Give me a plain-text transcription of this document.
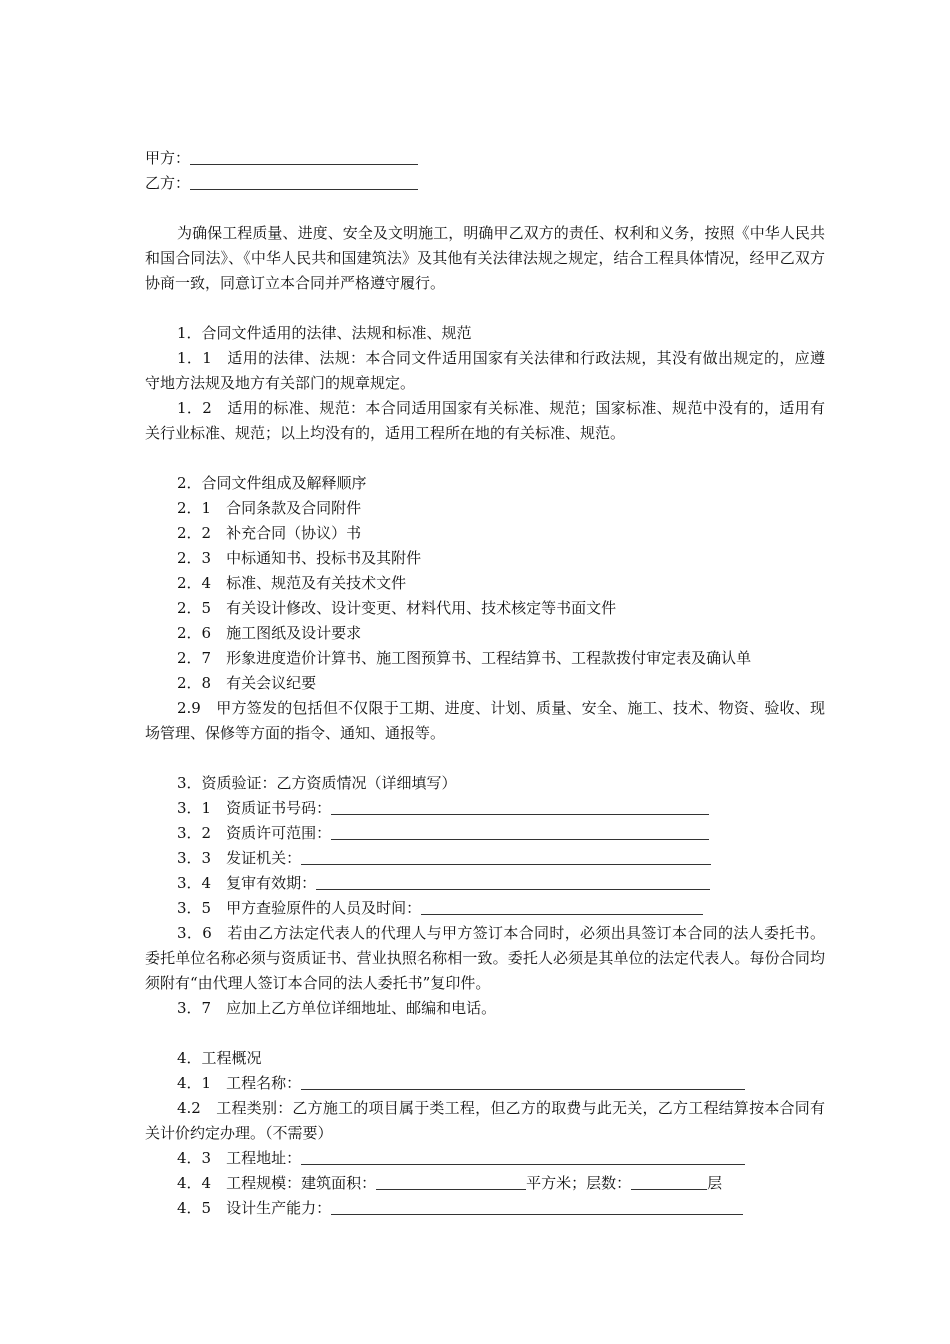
甲方：
乙方：
为确保工程质量、进度、安全及文明施工，明确甲乙双方的责任、权利和义务，按照《中华人民共和国合同法》、《中华人民共和国建筑法》及其他有关法律法规之规定，结合工程具体情况，经甲乙双方协商一致，同意订立本合同并严格遵守履行。
1．合同文件适用的法律、法规和标准、规范
1．1　适用的法律、法规：本合同文件适用国家有关法律和行政法规，其没有做出规定的，应遵守地方法规及地方有关部门的规章规定。
1．2　适用的标准、规范：本合同适用国家有关标准、规范；国家标准、规范中没有的，适用有关行业标准、规范；以上均没有的，适用工程所在地的有关标准、规范。
2．合同文件组成及解释顺序
2．1　合同条款及合同附件
2．2　补充合同（协议）书
2．3　中标通知书、投标书及其附件
2．4　标准、规范及有关技术文件
2．5　有关设计修改、设计变更、材料代用、技术核定等书面文件
2．6　施工图纸及设计要求
2．7　形象进度造价计算书、施工图预算书、工程结算书、工程款拨付审定表及确认单
2．8　有关会议纪要
2.9　甲方签发的包括但不仅限于工期、进度、计划、质量、安全、施工、技术、物资、验收、现场管理、保修等方面的指令、通知、通报等。
3．资质验证：乙方资质情况（详细填写）
3．1　资质证书号码：
3．2　资质许可范围：
3．3　发证机关：
3．4　复审有效期：
3．5　甲方查验原件的人员及时间：
3．6　若由乙方法定代表人的代理人与甲方签订本合同时，必须出具签订本合同的法人委托书。委托单位名称必须与资质证书、营业执照名称相一致。委托人必须是其单位的法定代表人。每份合同均须附有“由代理人签订本合同的法人委托书”复印件。
3．7　应加上乙方单位详细地址、邮编和电话。
4．工程概况
4．1　工程名称：
4.2　工程类别：乙方施工的项目属于类工程，但乙方的取费与此无关，乙方工程结算按本合同有关计价约定办理。（不需要）
4．3　工程地址：
4．4　工程规模：建筑面积：	平方米；层数：	层
4．5　设计生产能力：
